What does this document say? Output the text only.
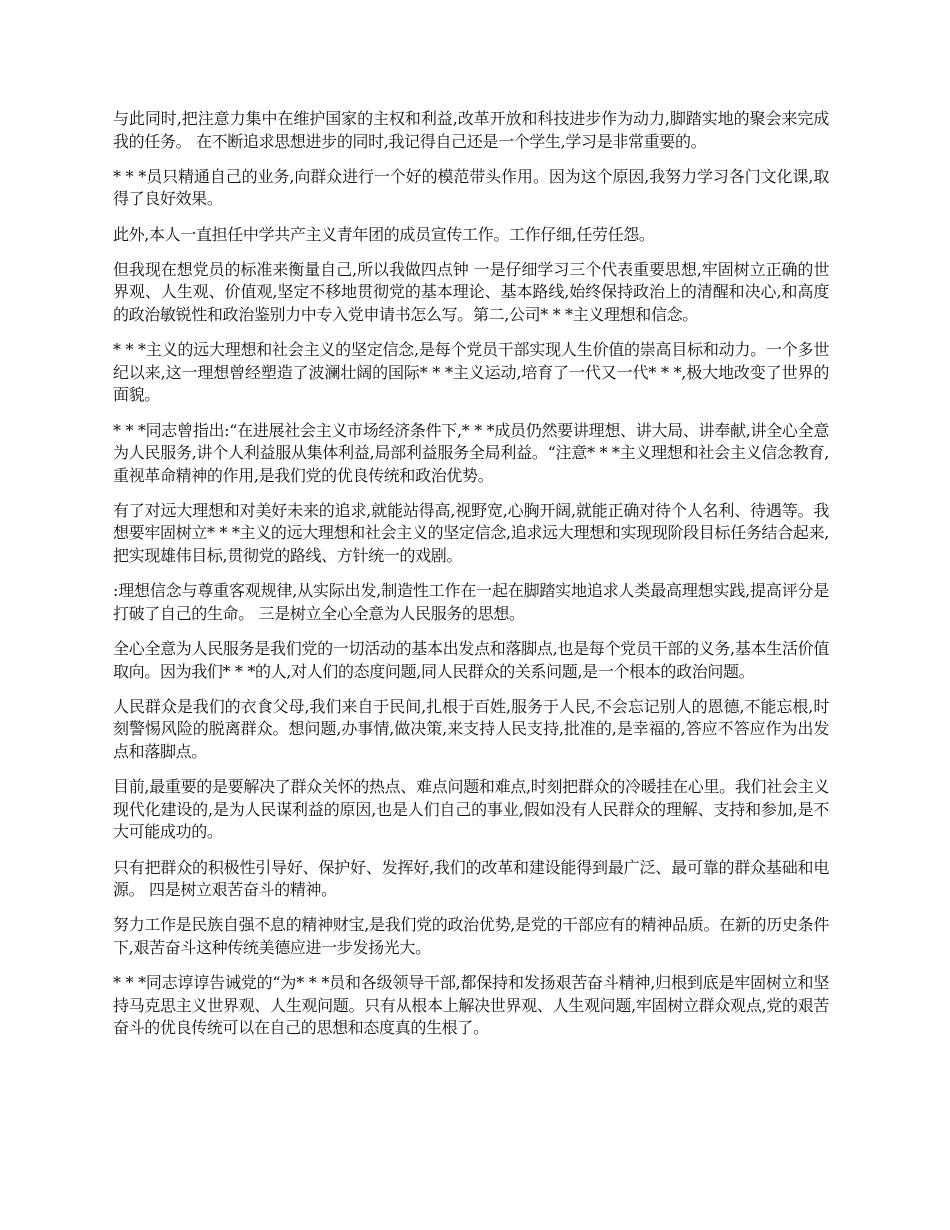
与此同时,把注意力集中在维护国家的主权和利益,改革开放和科技进步作为动力,脚踏实地的聚会来完成我的任务。 在不断追求思想进步的同时,我记得自己还是一个学生,学习是非常重要的。

* * *员只精通自己的业务,向群众进行一个好的模范带头作用。因为这个原因,我努力学习各门文化课,取得了良好效果。

此外,本人一直担任中学共产主义青年团的成员宣传工作。工作仔细,任劳任怨。

但我现在想党员的标准来衡量自己,所以我做四点钟 一是仔细学习三个代表重要思想,牢固树立正确的世界观、人生观、价值观,坚定不移地贯彻党的基本理论、基本路线,始终保持政治上的清醒和决心,和高度的政治敏锐性和政治鉴别力中专入党申请书怎么写。第二,公司* * *主义理想和信念。

* * *主义的远大理想和社会主义的坚定信念,是每个党员干部实现人生价值的崇高目标和动力。一个多世纪以来,这一理想曾经塑造了波澜壮阔的国际* * *主义运动,培育了一代又一代* * *,极大地改变了世界的面貌。

* * *同志曾指出:“在进展社会主义市场经济条件下,* * *成员仍然要讲理想、讲大局、讲奉献,讲全心全意为人民服务,讲个人利益服从集体利益,局部利益服务全局利益。“注意* * *主义理想和社会主义信念教育,重视革命精神的作用,是我们党的优良传统和政治优势。

有了对远大理想和对美好未来的追求,就能站得高,视野宽,心胸开阔,就能正确对待个人名利、待遇等。我想要牢固树立* * *主义的远大理想和社会主义的坚定信念,追求远大理想和实现现阶段目标任务结合起来,把实现雄伟目标,贯彻党的路线、方针统一的戏剧。

:理想信念与尊重客观规律,从实际出发,制造性工作在一起在脚踏实地追求人类最高理想实践,提高评分是打破了自己的生命。 三是树立全心全意为人民服务的思想。

全心全意为人民服务是我们党的一切活动的基本出发点和落脚点,也是每个党员干部的义务,基本生活价值取向。因为我们* * *的人,对人们的态度问题,同人民群众的关系问题,是一个根本的政治问题。

人民群众是我们的衣食父母,我们来自于民间,扎根于百姓,服务于人民,不会忘记别人的恩德,不能忘根,时刻警惕风险的脱离群众。想问题,办事情,做决策,来支持人民支持,批准的,是幸福的,答应不答应作为出发点和落脚点。

目前,最重要的是要解决了群众关怀的热点、难点问题和难点,时刻把群众的冷暖挂在心里。我们社会主义现代化建设的,是为人民谋利益的原因,也是人们自己的事业,假如没有人民群众的理解、支持和参加,是不大可能成功的。

只有把群众的积极性引导好、保护好、发挥好,我们的改革和建设能得到最广泛、最可靠的群众基础和电源。 四是树立艰苦奋斗的精神。

努力工作是民族自强不息的精神财宝,是我们党的政治优势,是党的干部应有的精神品质。在新的历史条件下,艰苦奋斗这种传统美德应进一步发扬光大。

* * *同志谆谆告诫党的“为* * *员和各级领导干部,都保持和发扬艰苦奋斗精神,归根到底是牢固树立和坚持马克思主义世界观、人生观问题。只有从根本上解决世界观、人生观问题,牢固树立群众观点,党的艰苦奋斗的优良传统可以在自己的思想和态度真的生根了。
